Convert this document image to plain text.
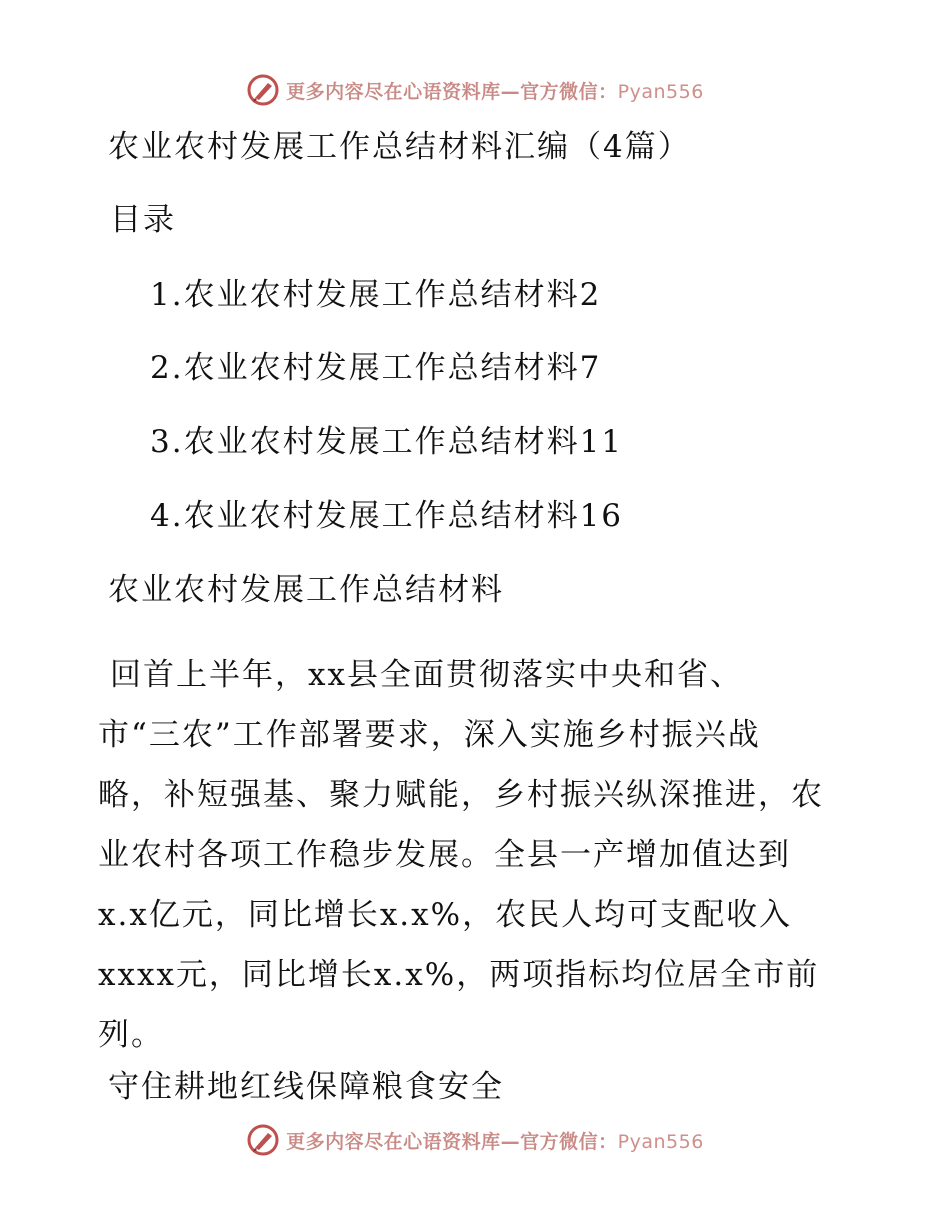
更多内容尽在心语资料库—官方微信：Pyan556
农业农村发展工作总结材料汇编（4篇）
目录
1.农业农村发展工作总结材料2
2.农业农村发展工作总结材料7
3.农业农村发展工作总结材料11
4.农业农村发展工作总结材料16
农业农村发展工作总结材料
回首上半年，xx县全面贯彻落实中央和省、
市“三农”工作部署要求，深入实施乡村振兴战
略，补短强基、聚力赋能，乡村振兴纵深推进，农
业农村各项工作稳步发展。全县一产增加值达到
x.x亿元，同比增长x.x%，农民人均可支配收入
xxxx元，同比增长x.x%，两项指标均位居全市前
列。
守住耕地红线保障粮食安全
更多内容尽在心语资料库—官方微信：Pyan556
